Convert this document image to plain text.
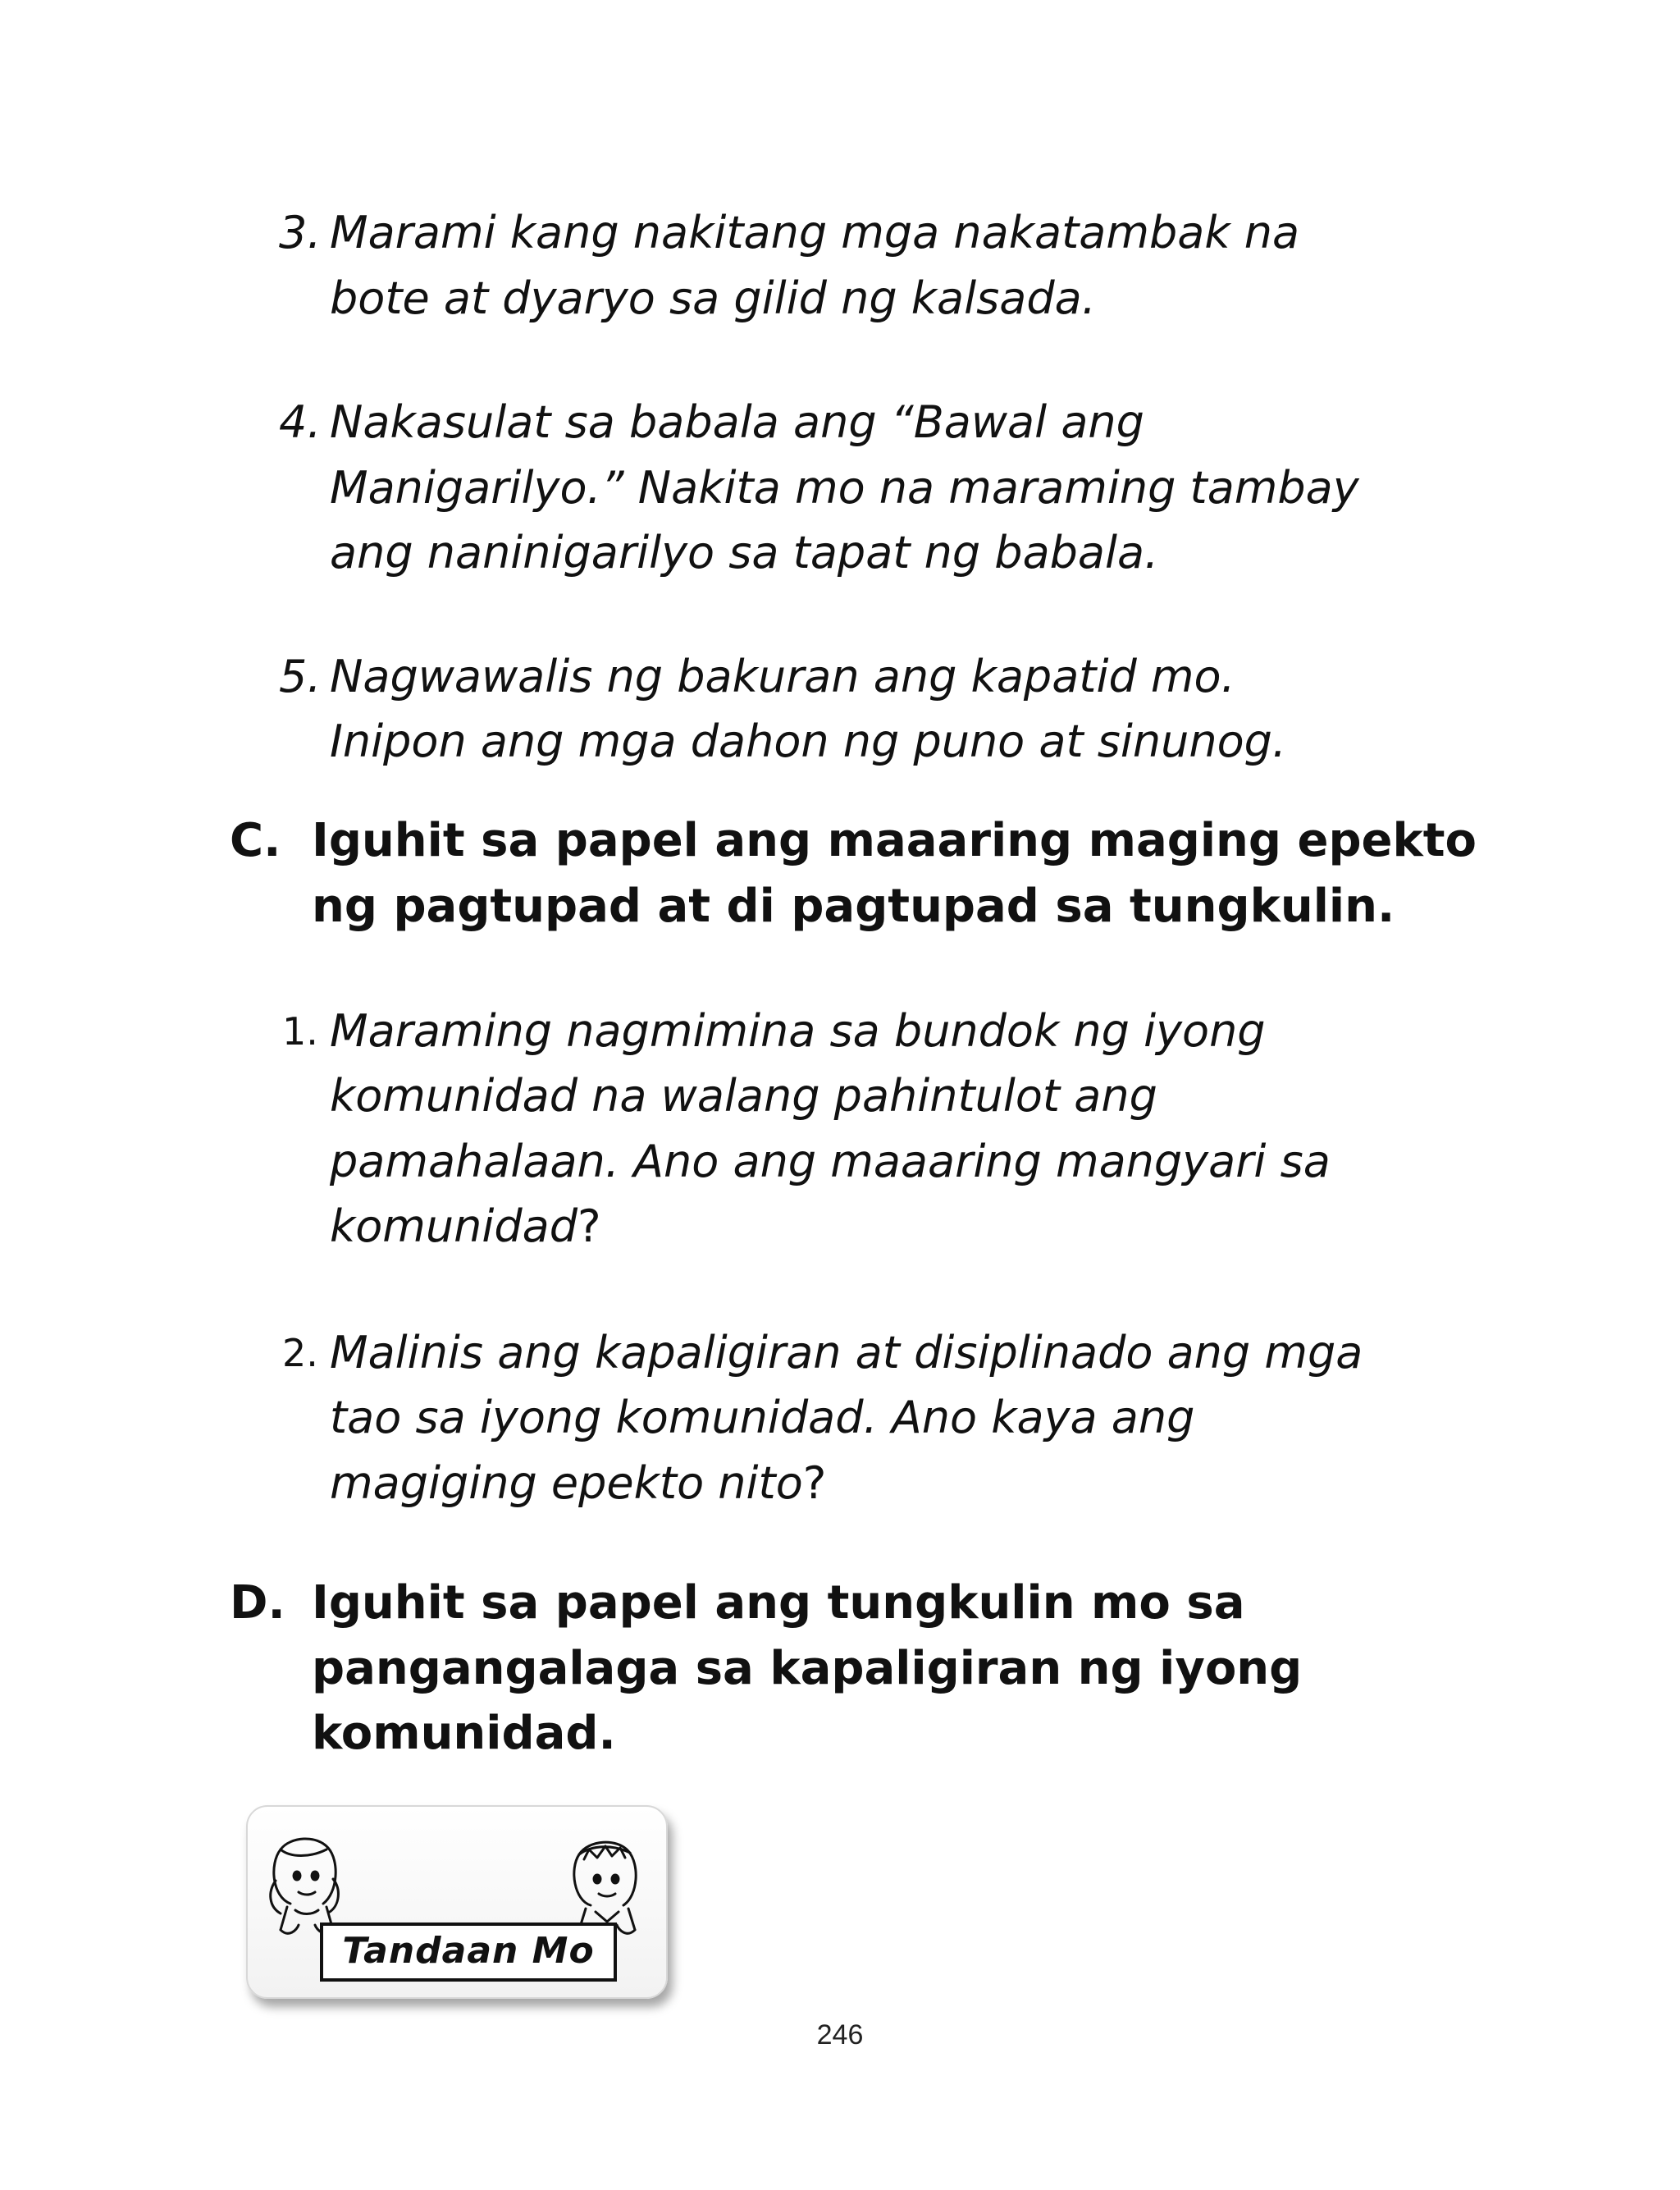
3. Marami kang nakitang mga nakatambak na
bote at dyaryo sa gilid ng kalsada.
4. Nakasulat sa babala ang “Bawal ang
Manigarilyo.” Nakita mo na maraming tambay
ang naninigarilyo sa tapat ng babala.
5. Nagwawalis ng bakuran ang kapatid mo.
Inipon ang mga dahon ng puno at sinunog.
C. Iguhit sa papel ang maaaring maging epekto
ng pagtupad at di pagtupad sa tungkulin.
1. Maraming nagmimina sa bundok ng iyong
komunidad na walang pahintulot ang
pamahalaan. Ano ang maaaring mangyari sa
komunidad?
2. Malinis ang kapaligiran at disiplinado ang mga
tao sa iyong komunidad. Ano kaya ang
magiging epekto nito?
D. Iguhit sa papel ang tungkulin mo sa
pangangalaga sa kapaligiran ng iyong
komunidad.
Tandaan Mo
246
